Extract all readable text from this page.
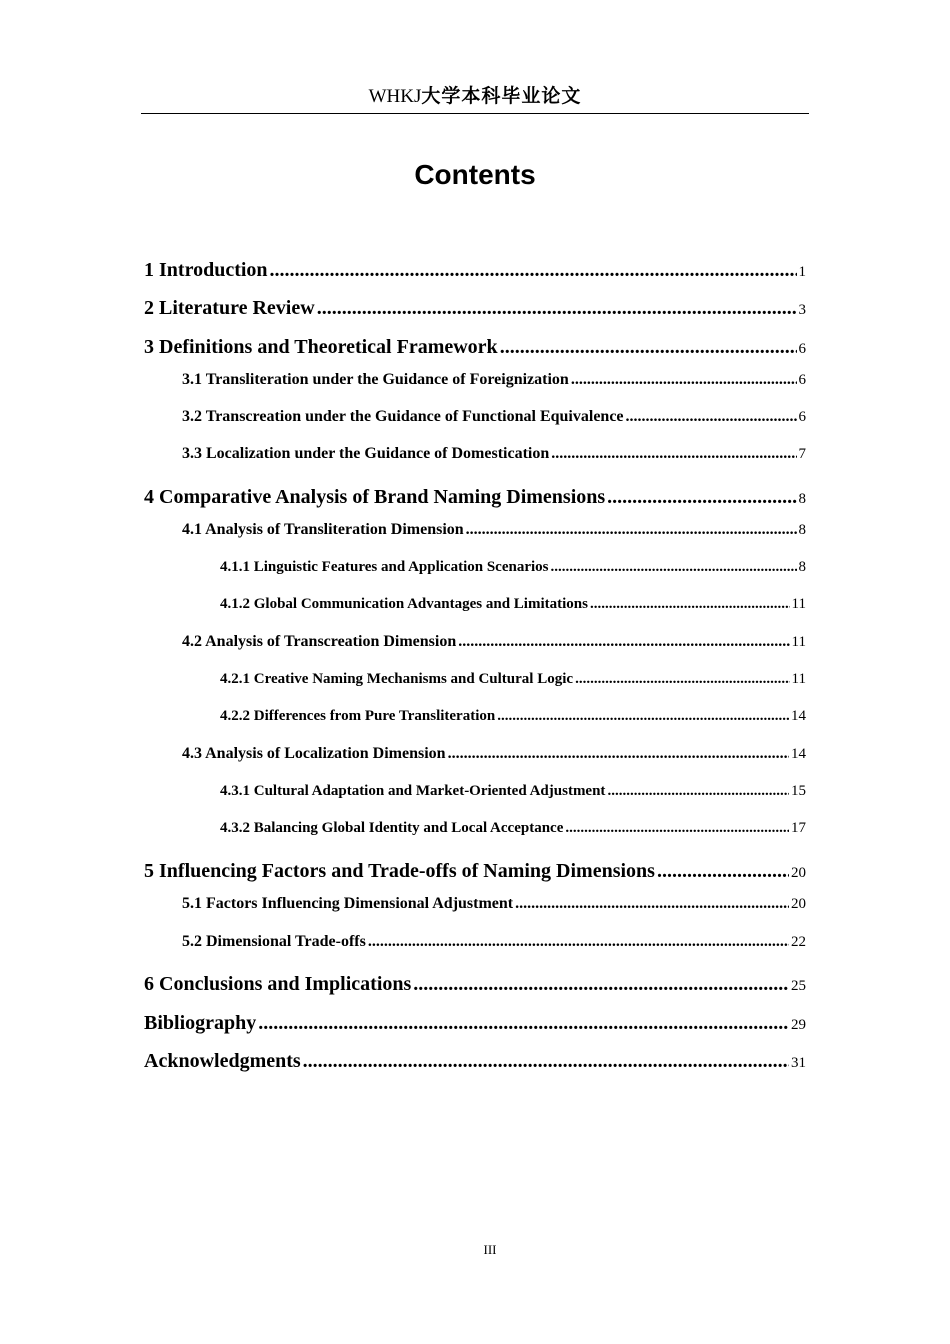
WHKJ大学本科毕业论文
Contents
1 Introduction .....	1
2 Literature Review .....	3
3 Definitions and Theoretical Framework .....	6
3.1 Transliteration under the Guidance of Foreignization .....	6
3.2 Transcreation under the Guidance of Functional Equivalence .....	6
3.3 Localization under the Guidance of Domestication .....	7
4 Comparative Analysis of Brand Naming Dimensions .....	8
4.1 Analysis of Transliteration Dimension .....	8
4.1.1 Linguistic Features and Application Scenarios .....	8
4.1.2 Global Communication Advantages and Limitations .....	11
4.2 Analysis of Transcreation Dimension .....	11
4.2.1 Creative Naming Mechanisms and Cultural Logic .....	11
4.2.2 Differences from Pure Transliteration .....	14
4.3 Analysis of Localization Dimension .....	14
4.3.1 Cultural Adaptation and Market-Oriented Adjustment .....	15
4.3.2 Balancing Global Identity and Local Acceptance .....	17
5 Influencing Factors and Trade-offs of Naming Dimensions .....	20
5.1 Factors Influencing Dimensional Adjustment .....	20
5.2 Dimensional Trade-offs .....	22
6 Conclusions and Implications .....	25
Bibliography .....	29
Acknowledgments .....	31
III
